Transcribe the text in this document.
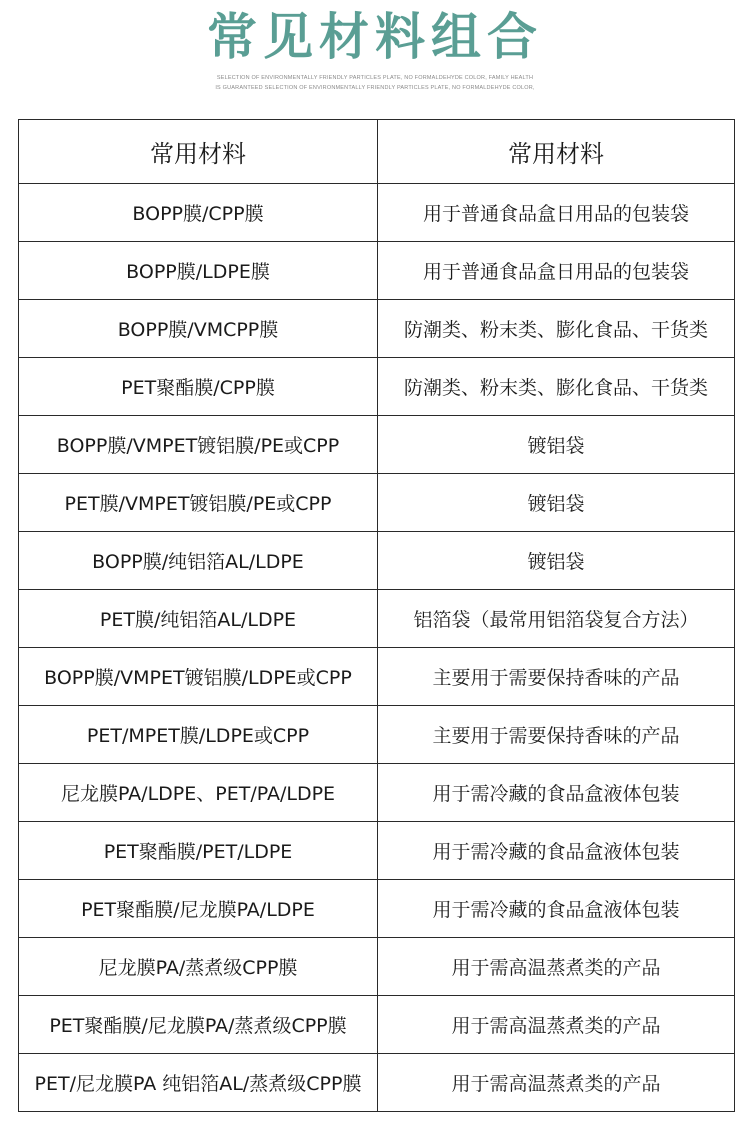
常见材料组合
SELECTION OF ENVIRONMENTALLY FRIENDLY PARTICLES PLATE, NO FORMALDEHYDE COLOR, FAMILY HEALTH
IS GUARANTEED SELECTION OF ENVIRONMENTALLY FRIENDLY PARTICLES PLATE, NO FORMALDEHYDE COLOR,
常用材料	常用材料
BOPP膜/CPP膜	用于普通食品盒日用品的包装袋
BOPP膜/LDPE膜	用于普通食品盒日用品的包装袋
BOPP膜/VMCPP膜	防潮类、粉末类、膨化食品、干货类
PET聚酯膜/CPP膜	防潮类、粉末类、膨化食品、干货类
BOPP膜/VMPET镀铝膜/PE或CPP	镀铝袋
PET膜/VMPET镀铝膜/PE或CPP	镀铝袋
BOPP膜/纯铝箔AL/LDPE	镀铝袋
PET膜/纯铝箔AL/LDPE	铝箔袋（最常用铝箔袋复合方法）
BOPP膜/VMPET镀铝膜/LDPE或CPP	主要用于需要保持香味的产品
PET/MPET膜/LDPE或CPP	主要用于需要保持香味的产品
尼龙膜PA/LDPE、PET/PA/LDPE	用于需冷藏的食品盒液体包装
PET聚酯膜/PET/LDPE	用于需冷藏的食品盒液体包装
PET聚酯膜/尼龙膜PA/LDPE	用于需冷藏的食品盒液体包装
尼龙膜PA/蒸煮级CPP膜	用于需高温蒸煮类的产品
PET聚酯膜/尼龙膜PA/蒸煮级CPP膜	用于需高温蒸煮类的产品
PET/尼龙膜PA 纯铝箔AL/蒸煮级CPP膜	用于需高温蒸煮类的产品
